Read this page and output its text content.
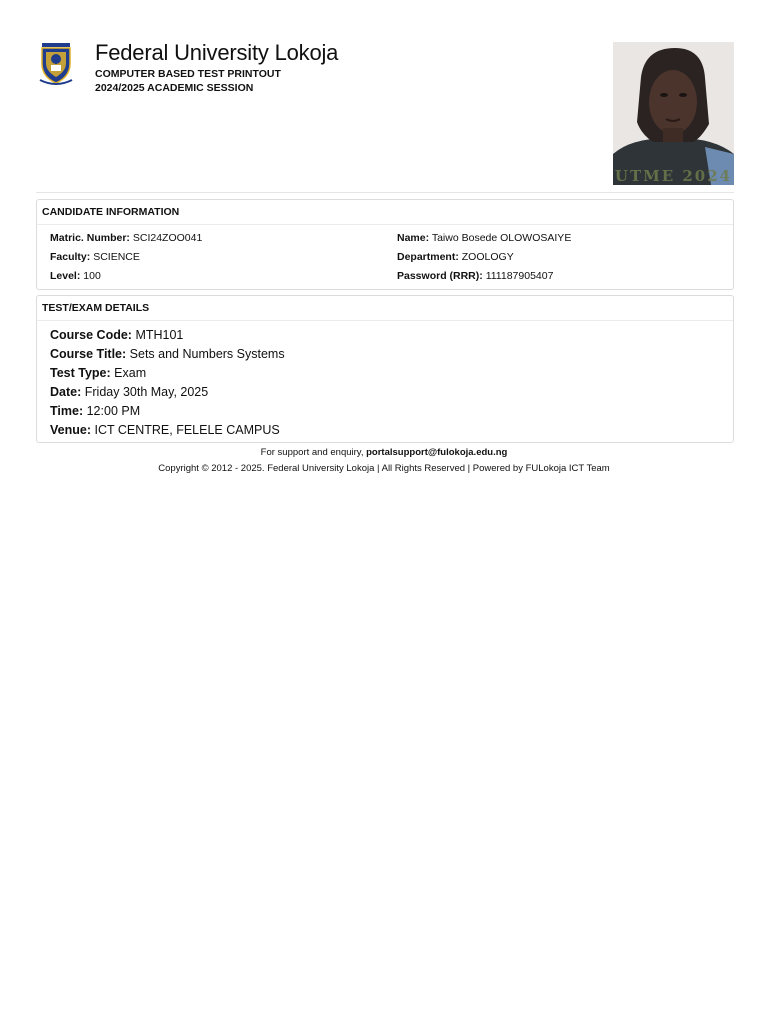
Federal University Lokoja
COMPUTER BASED TEST PRINTOUT
2024/2025 ACADEMIC SESSION
UTME 2024
CANDIDATE INFORMATION
Matric. Number: SCI24ZOO041	Name: Taiwo Bosede OLOWOSAIYE
Faculty: SCIENCE	Department: ZOOLOGY
Level: 100	Password (RRR): 111187905407
TEST/EXAM DETAILS
Course Code: MTH101
Course Title: Sets and Numbers Systems
Test Type: Exam
Date: Friday 30th May, 2025
Time: 12:00 PM
Venue: ICT CENTRE, FELELE CAMPUS
For support and enquiry, portalsupport@fulokoja.edu.ng
Copyright © 2012 - 2025. Federal University Lokoja | All Rights Reserved | Powered by FULokoja ICT Team
